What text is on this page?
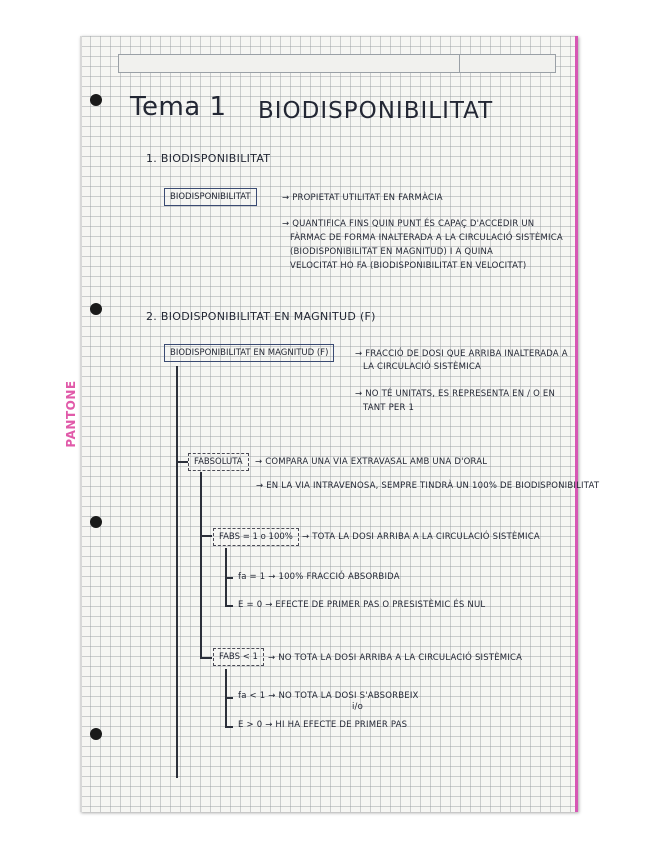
PANTONE
Tema 1 BIODISPONIBILITAT
1. BIODISPONIBILITAT
BIODISPONIBILITAT	→ PROPIETAT UTILITAT EN FARMÀCIA
→ QUANTIFICA FINS QUIN PUNT ÉS CAPAÇ D'ACCEDIR UN
FÀRMAC DE FORMA INALTERADA A LA CIRCULACIÓ SISTÈMICA
(BIODISPONIBILITAT EN MAGNITUD) I A QUINA
VELOCITAT HO FA (BIODISPONIBILITAT EN VELOCITAT)
2. BIODISPONIBILITAT EN MAGNITUD (F)
BIODISPONIBILITAT EN MAGNITUD (F)	→ FRACCIÓ DE DOSI QUE ARRIBA INALTERADA A
LA CIRCULACIÓ SISTÈMICA
→ NO TÉ UNITATS, ES REPRESENTA EN / O EN
TANT PER 1
FABSOLUTA	→ COMPARA UNA VIA EXTRAVASAL AMB UNA D'ORAL
→ EN LA VIA INTRAVENOSA, SEMPRE TINDRÀ UN 100% DE BIODISPONIBILITAT
FABS = 1 o 100%	→ TOTA LA DOSI ARRIBA A LA CIRCULACIÓ SISTÈMICA
fa = 1 → 100% FRACCIÓ ABSORBIDA
E = 0 → EFECTE DE PRIMER PAS O PRESISTÈMIC ÉS NUL
FABS < 1	→ NO TOTA LA DOSI ARRIBA A LA CIRCULACIÓ SISTÈMICA
fa < 1 → NO TOTA LA DOSI S'ABSORBEIX
i/o
E > 0 → HI HA EFECTE DE PRIMER PAS
